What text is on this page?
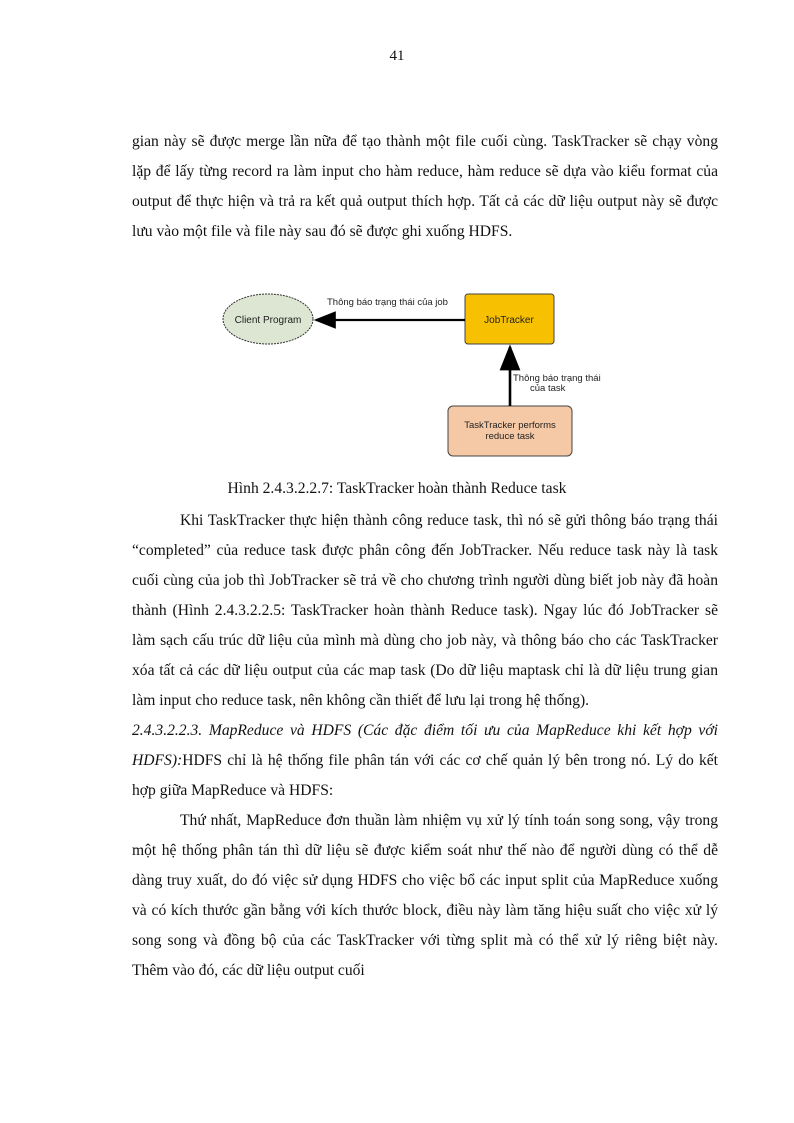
41

gian này sẽ được merge lần nữa để tạo thành một file cuối cùng. TaskTracker sẽ chạy vòng lặp để lấy từng record ra làm input cho hàm reduce, hàm reduce sẽ dựa vào kiểu format của output để thực hiện và trả ra kết quả output thích hợp. Tất cả các dữ liệu output này sẽ được lưu vào một file và file này sau đó sẽ được ghi xuống HDFS.

Client Program	JobTracker
TaskTracker performs
reduce task
Thông báo trạng thái của job
Thông báo trạng thái
của task
Hình 2.4.3.2.2.7: TaskTracker hoàn thành Reduce task

Khi TaskTracker thực hiện thành công reduce task, thì nó sẽ gửi thông báo trạng thái “completed” của reduce task được phân công đến JobTracker. Nếu reduce task này là task cuối cùng của job thì JobTracker sẽ trả về cho chương trình người dùng biết job này đã hoàn thành (Hình 2.4.3.2.2.5: TaskTracker hoàn thành Reduce task). Ngay lúc đó JobTracker sẽ làm sạch cấu trúc dữ liệu của mình mà dùng cho job này, và thông báo cho các TaskTracker xóa tất cả các dữ liệu output của các map task (Do dữ liệu maptask chỉ là dữ liệu trung gian làm input cho reduce task, nên không cần thiết để lưu lại trong hệ thống).

2.4.3.2.2.3. MapReduce và HDFS (Các đặc điểm tối ưu của MapReduce khi kết hợp với HDFS):HDFS chỉ là hệ thống file phân tán với các cơ chế quản lý bên trong nó. Lý do kết hợp giữa MapReduce và HDFS:

Thứ nhất, MapReduce đơn thuần làm nhiệm vụ xử lý tính toán song song, vậy trong một hệ thống phân tán thì dữ liệu sẽ được kiểm soát như thế nào để người dùng có thể dễ dàng truy xuất, do đó việc sử dụng HDFS cho việc bổ các input split của MapReduce xuống và có kích thước gần bằng với kích thước block, điều này làm tăng hiệu suất cho việc xử lý song song và đồng bộ của các TaskTracker với từng split mà có thể xử lý riêng biệt này. Thêm vào đó, các dữ liệu output cuối
